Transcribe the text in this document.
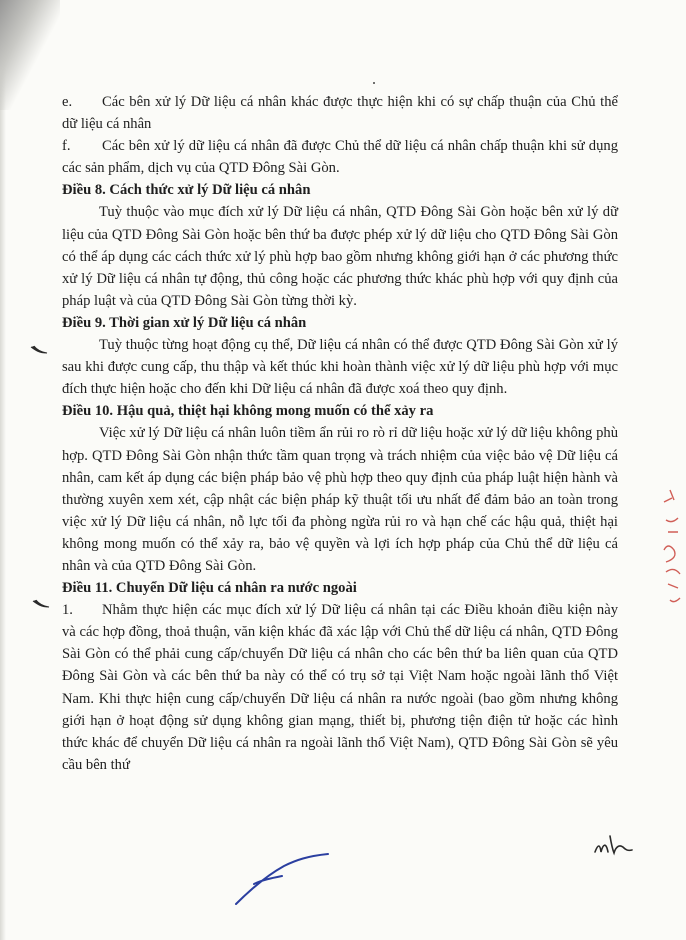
e. Các bên xử lý Dữ liệu cá nhân khác được thực hiện khi có sự chấp thuận của Chủ thể dữ liệu cá nhân

f. Các bên xử lý dữ liệu cá nhân đã được Chủ thể dữ liệu cá nhân chấp thuận khi sử dụng các sản phẩm, dịch vụ của QTD Đông Sài Gòn.

Điều 8. Cách thức xử lý Dữ liệu cá nhân

Tuỳ thuộc vào mục đích xử lý Dữ liệu cá nhân, QTD Đông Sài Gòn hoặc bên xử lý dữ liệu của QTD Đông Sài Gòn hoặc bên thứ ba được phép xử lý dữ liệu cho QTD Đông Sài Gòn có thể áp dụng các cách thức xử lý phù hợp bao gồm nhưng không giới hạn ở các phương thức xử lý Dữ liệu cá nhân tự động, thủ công hoặc các phương thức khác phù hợp với quy định của pháp luật và của QTD Đông Sài Gòn từng thời kỳ.

Điều 9. Thời gian xử lý Dữ liệu cá nhân

Tuỳ thuộc từng hoạt động cụ thể, Dữ liệu cá nhân có thể được QTD Đông Sài Gòn xử lý sau khi được cung cấp, thu thập và kết thúc khi hoàn thành việc xử lý dữ liệu phù hợp với mục đích thực hiện hoặc cho đến khi Dữ liệu cá nhân đã được xoá theo quy định.

Điều 10. Hậu quả, thiệt hại không mong muốn có thể xảy ra

Việc xử lý Dữ liệu cá nhân luôn tiềm ẩn rủi ro rò rỉ dữ liệu hoặc xử lý dữ liệu không phù hợp. QTD Đông Sài Gòn nhận thức tầm quan trọng và trách nhiệm của việc bảo vệ Dữ liệu cá nhân, cam kết áp dụng các biện pháp bảo vệ phù hợp theo quy định của pháp luật hiện hành và thường xuyên xem xét, cập nhật các biện pháp kỹ thuật tối ưu nhất để đảm bảo an toàn trong việc xử lý Dữ liệu cá nhân, nỗ lực tối đa phòng ngừa rủi ro và hạn chế các hậu quả, thiệt hại không mong muốn có thể xảy ra, bảo vệ quyền và lợi ích hợp pháp của Chủ thể dữ liệu cá nhân và của QTD Đông Sài Gòn.

Điều 11. Chuyển Dữ liệu cá nhân ra nước ngoài

1. Nhằm thực hiện các mục đích xử lý Dữ liệu cá nhân tại các Điều khoản điều kiện này và các hợp đồng, thoả thuận, văn kiện khác đã xác lập với Chủ thể dữ liệu cá nhân, QTD Đông Sài Gòn có thể phải cung cấp/chuyển Dữ liệu cá nhân cho các bên thứ ba liên quan của QTD Đông Sài Gòn và các bên thứ ba này có thể có trụ sở tại Việt Nam hoặc ngoài lãnh thổ Việt Nam. Khi thực hiện cung cấp/chuyển Dữ liệu cá nhân ra nước ngoài (bao gồm nhưng không giới hạn ở hoạt động sử dụng không gian mạng, thiết bị, phương tiện điện tử hoặc các hình thức khác để chuyển Dữ liệu cá nhân ra ngoài lãnh thổ Việt Nam), QTD Đông Sài Gòn sẽ yêu cầu bên thứ
